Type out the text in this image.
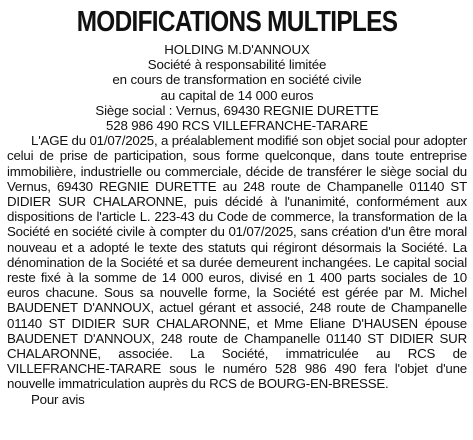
MODIFICATIONS MULTIPLES
HOLDING M.D'ANNOUX
Société à responsabilité limitée
en cours de transformation en société civile
au capital de 14 000 euros
Siège social : Vernus, 69430 REGNIE DURETTE
528 986 490 RCS VILLEFRANCHE-TARARE
L'AGE du 01/07/2025, a préalablement modifié son objet social pour adopter celui de prise de participation, sous forme quelconque, dans toute entreprise immobilière, industrielle ou commerciale, décide de transférer le siège social du Vernus, 69430 REGNIE DURETTE au 248 route de Champanelle 01140 ST DIDIER SUR CHALARONNE, puis décidé à l'unanimité, conformément aux dispositions de l'article L. 223-43 du Code de commerce, la transformation de la Société en société civile à compter du 01/07/2025, sans création d'un être moral nouveau et a adopté le texte des statuts qui régiront désormais la Société. La dénomination de la Société et sa durée demeurent inchangées. Le capital social reste fixé à la somme de 14 000 euros, divisé en 1 400 parts sociales de 10 euros chacune. Sous sa nouvelle forme, la Société est gérée par M. Michel BAUDENET D'ANNOUX, actuel gérant et associé, 248 route de Champanelle 01140 ST DIDIER SUR CHALARONNE, et Mme Eliane D'HAUSEN épouse BAUDENET D'ANNOUX, 248 route de Champanelle 01140 ST DIDIER SUR CHALARONNE, associée. La Société, immatriculée au RCS de VILLEFRANCHE-TARARE sous le numéro 528 986 490 fera l'objet d'une nouvelle immatriculation auprès du RCS de BOURG-EN-BRESSE.
Pour avis
